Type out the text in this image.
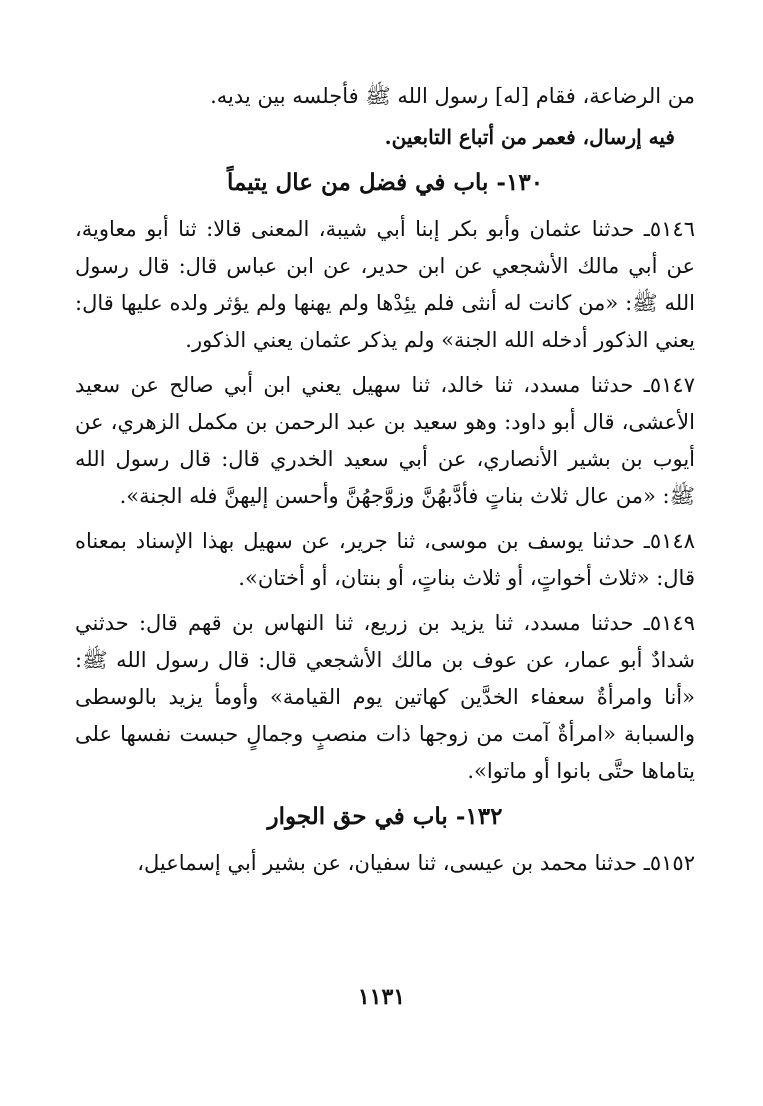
من الرضاعة، فقام [له] رسول الله ﷺ فأجلسه بين يديه.

فيه إرسال، فعمر من أتباع التابعين.

١٣٠- باب في فضل من عال يتيماً

٥١٤٦ـ حدثنا عثمان وأبو بكر إبنا أبي شيبة، المعنى قالا: ثنا أبو معاوية، عن أبي مالك الأشجعي عن ابن حدير، عن ابن عباس قال: قال رسول الله ﷺ: «من كانت له أنثى فلم يئِدْها ولم يهنها ولم يؤثر ولده عليها قال: يعني الذكور أدخله الله الجنة» ولم يذكر عثمان يعني الذكور.

٥١٤٧ـ حدثنا مسدد، ثنا خالد، ثنا سهيل يعني ابن أبي صالح عن سعيد الأعشى، قال أبو داود: وهو سعيد بن عبد الرحمن بن مكمل الزهري، عن أيوب بن بشير الأنصاري، عن أبي سعيد الخدري قال: قال رسول الله ﷺ: «من عال ثلاث بناتٍ فأدَّبهُنَّ وزوَّجهُنَّ وأحسن إليهنَّ فله الجنة».

٥١٤٨ـ حدثنا يوسف بن موسى، ثنا جرير، عن سهيل بهذا الإسناد بمعناه قال: «ثلاث أخواتٍ، أو ثلاث بناتٍ، أو بنتان، أو أختان».

٥١٤٩ـ حدثنا مسدد، ثنا يزيد بن زريع، ثنا النهاس بن قهم قال: حدثني شدادٌ أبو عمار، عن عوف بن مالك الأشجعي قال: قال رسول الله ﷺ: «أنا وامرأةٌ سعفاء الخدَّين كهاتين يوم القيامة» وأومأ يزيد بالوسطى والسبابة «امرأةٌ آمت من زوجها ذات منصبٍ وجمالٍ حبست نفسها على يتاماها حتَّى بانوا أو ماتوا».

١٣٢- باب في حق الجوار

٥١٥٢ـ حدثنا محمد بن عيسى، ثنا سفيان، عن بشير أبي إسماعيل،

١١٣١
